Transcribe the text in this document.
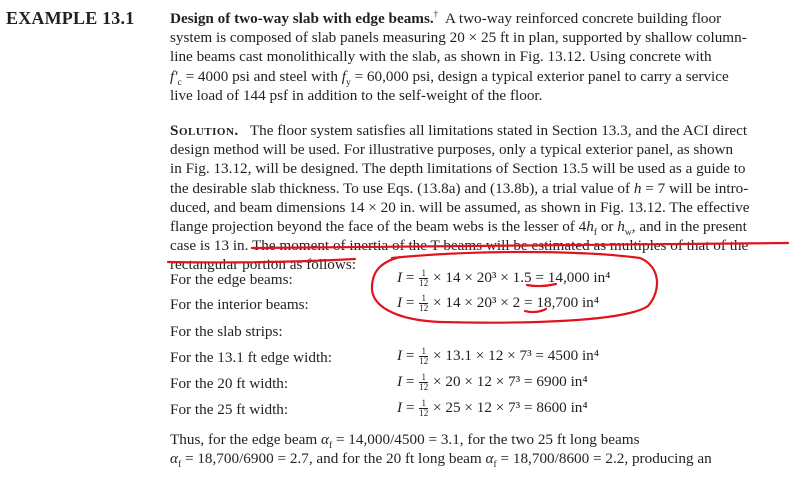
EXAMPLE 13.1 Design of two-way slab with edge beams.† A two-way reinforced concrete building floor
system is composed of slab panels measuring 20 × 25 ft in plan, supported by shallow column-
line beams cast monolithically with the slab, as shown in Fig. 13.12. Using concrete with
$f'_c = 4000$ psi and steel with $f_y = 60,000$ psi, design a typical exterior panel to carry a service
live load of 144 psf in addition to the self-weight of the floor.
Solution. The floor system satisfies all limitations stated in Section 13.3, and the ACI direct
design method will be used. For illustrative purposes, only a typical exterior panel, as shown
in Fig. 13.12, will be designed. The depth limitations of Section 13.5 will be used as a guide to
the desirable slab thickness. To use Eqs. (13.8a) and (13.8b), a trial value of h = 7 will be intro-
duced, and beam dimensions 14 × 20 in. will be assumed, as shown in Fig. 13.12. The effective
flange projection beyond the face of the beam webs is the lesser of $4h_f$ or $h_w$, and in the present
case is 13 in. The moment of inertia of the T beams will be estimated as multiples of that of the
rectangular portion as follows:
For the edge beams:	$I = \frac{1}{12} \times 14 \times 20^3 \times 1.5 = 14,000$ in⁴
For the interior beams:	$I = \frac{1}{12} \times 14 \times 20^3 \times 2 = 18,700$ in⁴
For the slab strips:
For the 13.1 ft edge width:	$I = \frac{1}{12} \times 13.1 \times 12 \times 7^3 = 4500$ in⁴
For the 20 ft width:	$I = \frac{1}{12} \times 20 \times 12 \times 7^3 = 6900$ in⁴
For the 25 ft width:	$I = \frac{1}{12} \times 25 \times 12 \times 7^3 = 8600$ in⁴
Thus, for the edge beam $\alpha_f = 14,000/4500 = 3.1$, for the two 25 ft long beams
$\alpha_f = 18,700/6900 = 2.7$, and for the 20 ft long beam $\alpha_f = 18,700/8600 = 2.2$, producing an
